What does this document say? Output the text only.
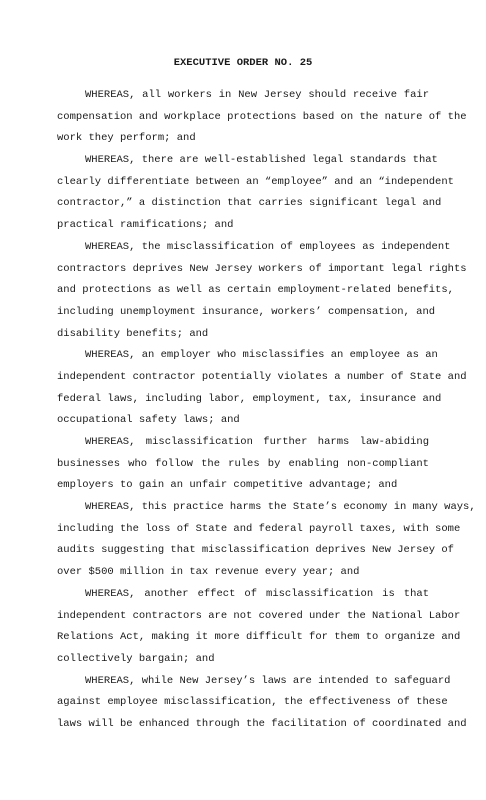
EXECUTIVE ORDER NO. 25
WHEREAS, all workers in New Jersey should receive fair
compensation and workplace protections based on the nature of the
work they perform; and
WHEREAS, there are well-established legal standards that
clearly differentiate between an “employee” and an “independent
contractor,” a distinction that carries significant legal and
practical ramifications; and
WHEREAS, the misclassification of employees as independent
contractors deprives New Jersey workers of important legal rights
and protections as well as certain employment-related benefits,
including unemployment insurance, workers’ compensation, and
disability benefits; and
WHEREAS, an employer who misclassifies an employee as an
independent contractor potentially violates a number of State and
federal laws, including labor, employment, tax, insurance and
occupational safety laws; and
WHEREAS, misclassification further harms law-abiding
businesses who follow the rules by enabling non-compliant
employers to gain an unfair competitive advantage; and
WHEREAS, this practice harms the State’s economy in many ways,
including the loss of State and federal payroll taxes, with some
audits suggesting that misclassification deprives New Jersey of
over $500 million in tax revenue every year; and
WHEREAS, another effect of misclassification is that
independent contractors are not covered under the National Labor
Relations Act, making it more difficult for them to organize and
collectively bargain; and
WHEREAS, while New Jersey’s laws are intended to safeguard
against employee misclassification, the effectiveness of these
laws will be enhanced through the facilitation of coordinated and
